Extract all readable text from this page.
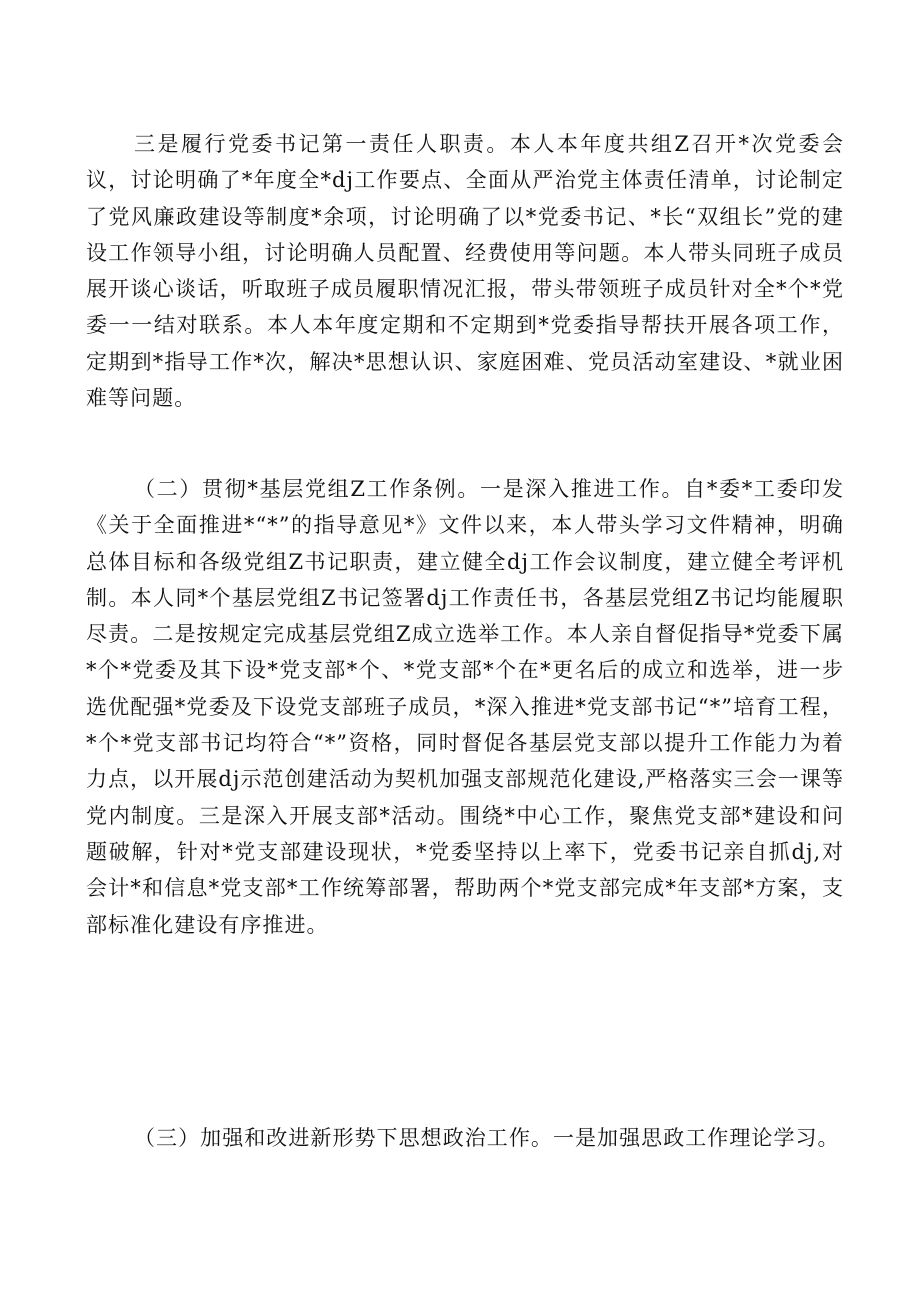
三是履行党委书记第一责任人职责。本人本年度共组Z召开*次党委会议，讨论明确了*年度全*dj工作要点、全面从严治党主体责任清单，讨论制定了党风廉政建设等制度*余项，讨论明确了以*党委书记、*长“双组长”党的建设工作领导小组，讨论明确人员配置、经费使用等问题。本人带头同班子成员展开谈心谈话，听取班子成员履职情况汇报，带头带领班子成员针对全*个*党委一一结对联系。本人本年度定期和不定期到*党委指导帮扶开展各项工作，定期到*指导工作*次，解决*思想认识、家庭困难、党员活动室建设、*就业困难等问题。

（二）贯彻*基层党组Z工作条例。一是深入推进工作。自*委*工委印发《关于全面推进*“*”的指导意见*》文件以来，本人带头学习文件精神，明确总体目标和各级党组Z书记职责，建立健全dj工作会议制度，建立健全考评机制。本人同*个基层党组Z书记签署dj工作责任书，各基层党组Z书记均能履职尽责。二是按规定完成基层党组Z成立选举工作。本人亲自督促指导*党委下属*个*党委及其下设*党支部*个、*党支部*个在*更名后的成立和选举，进一步选优配强*党委及下设党支部班子成员，*深入推进*党支部书记“*”培育工程，*个*党支部书记均符合“*”资格，同时督促各基层党支部以提升工作能力为着力点，以开展dj示范创建活动为契机加强支部规范化建设,严格落实三会一课等党内制度。三是深入开展支部*活动。围绕*中心工作，聚焦党支部*建设和问题破解，针对*党支部建设现状，*党委坚持以上率下，党委书记亲自抓dj,对会计*和信息*党支部*工作统筹部署，帮助两个*党支部完成*年支部*方案，支部标准化建设有序推进。

（三）加强和改进新形势下思想政治工作。一是加强思政工作理论学习。
